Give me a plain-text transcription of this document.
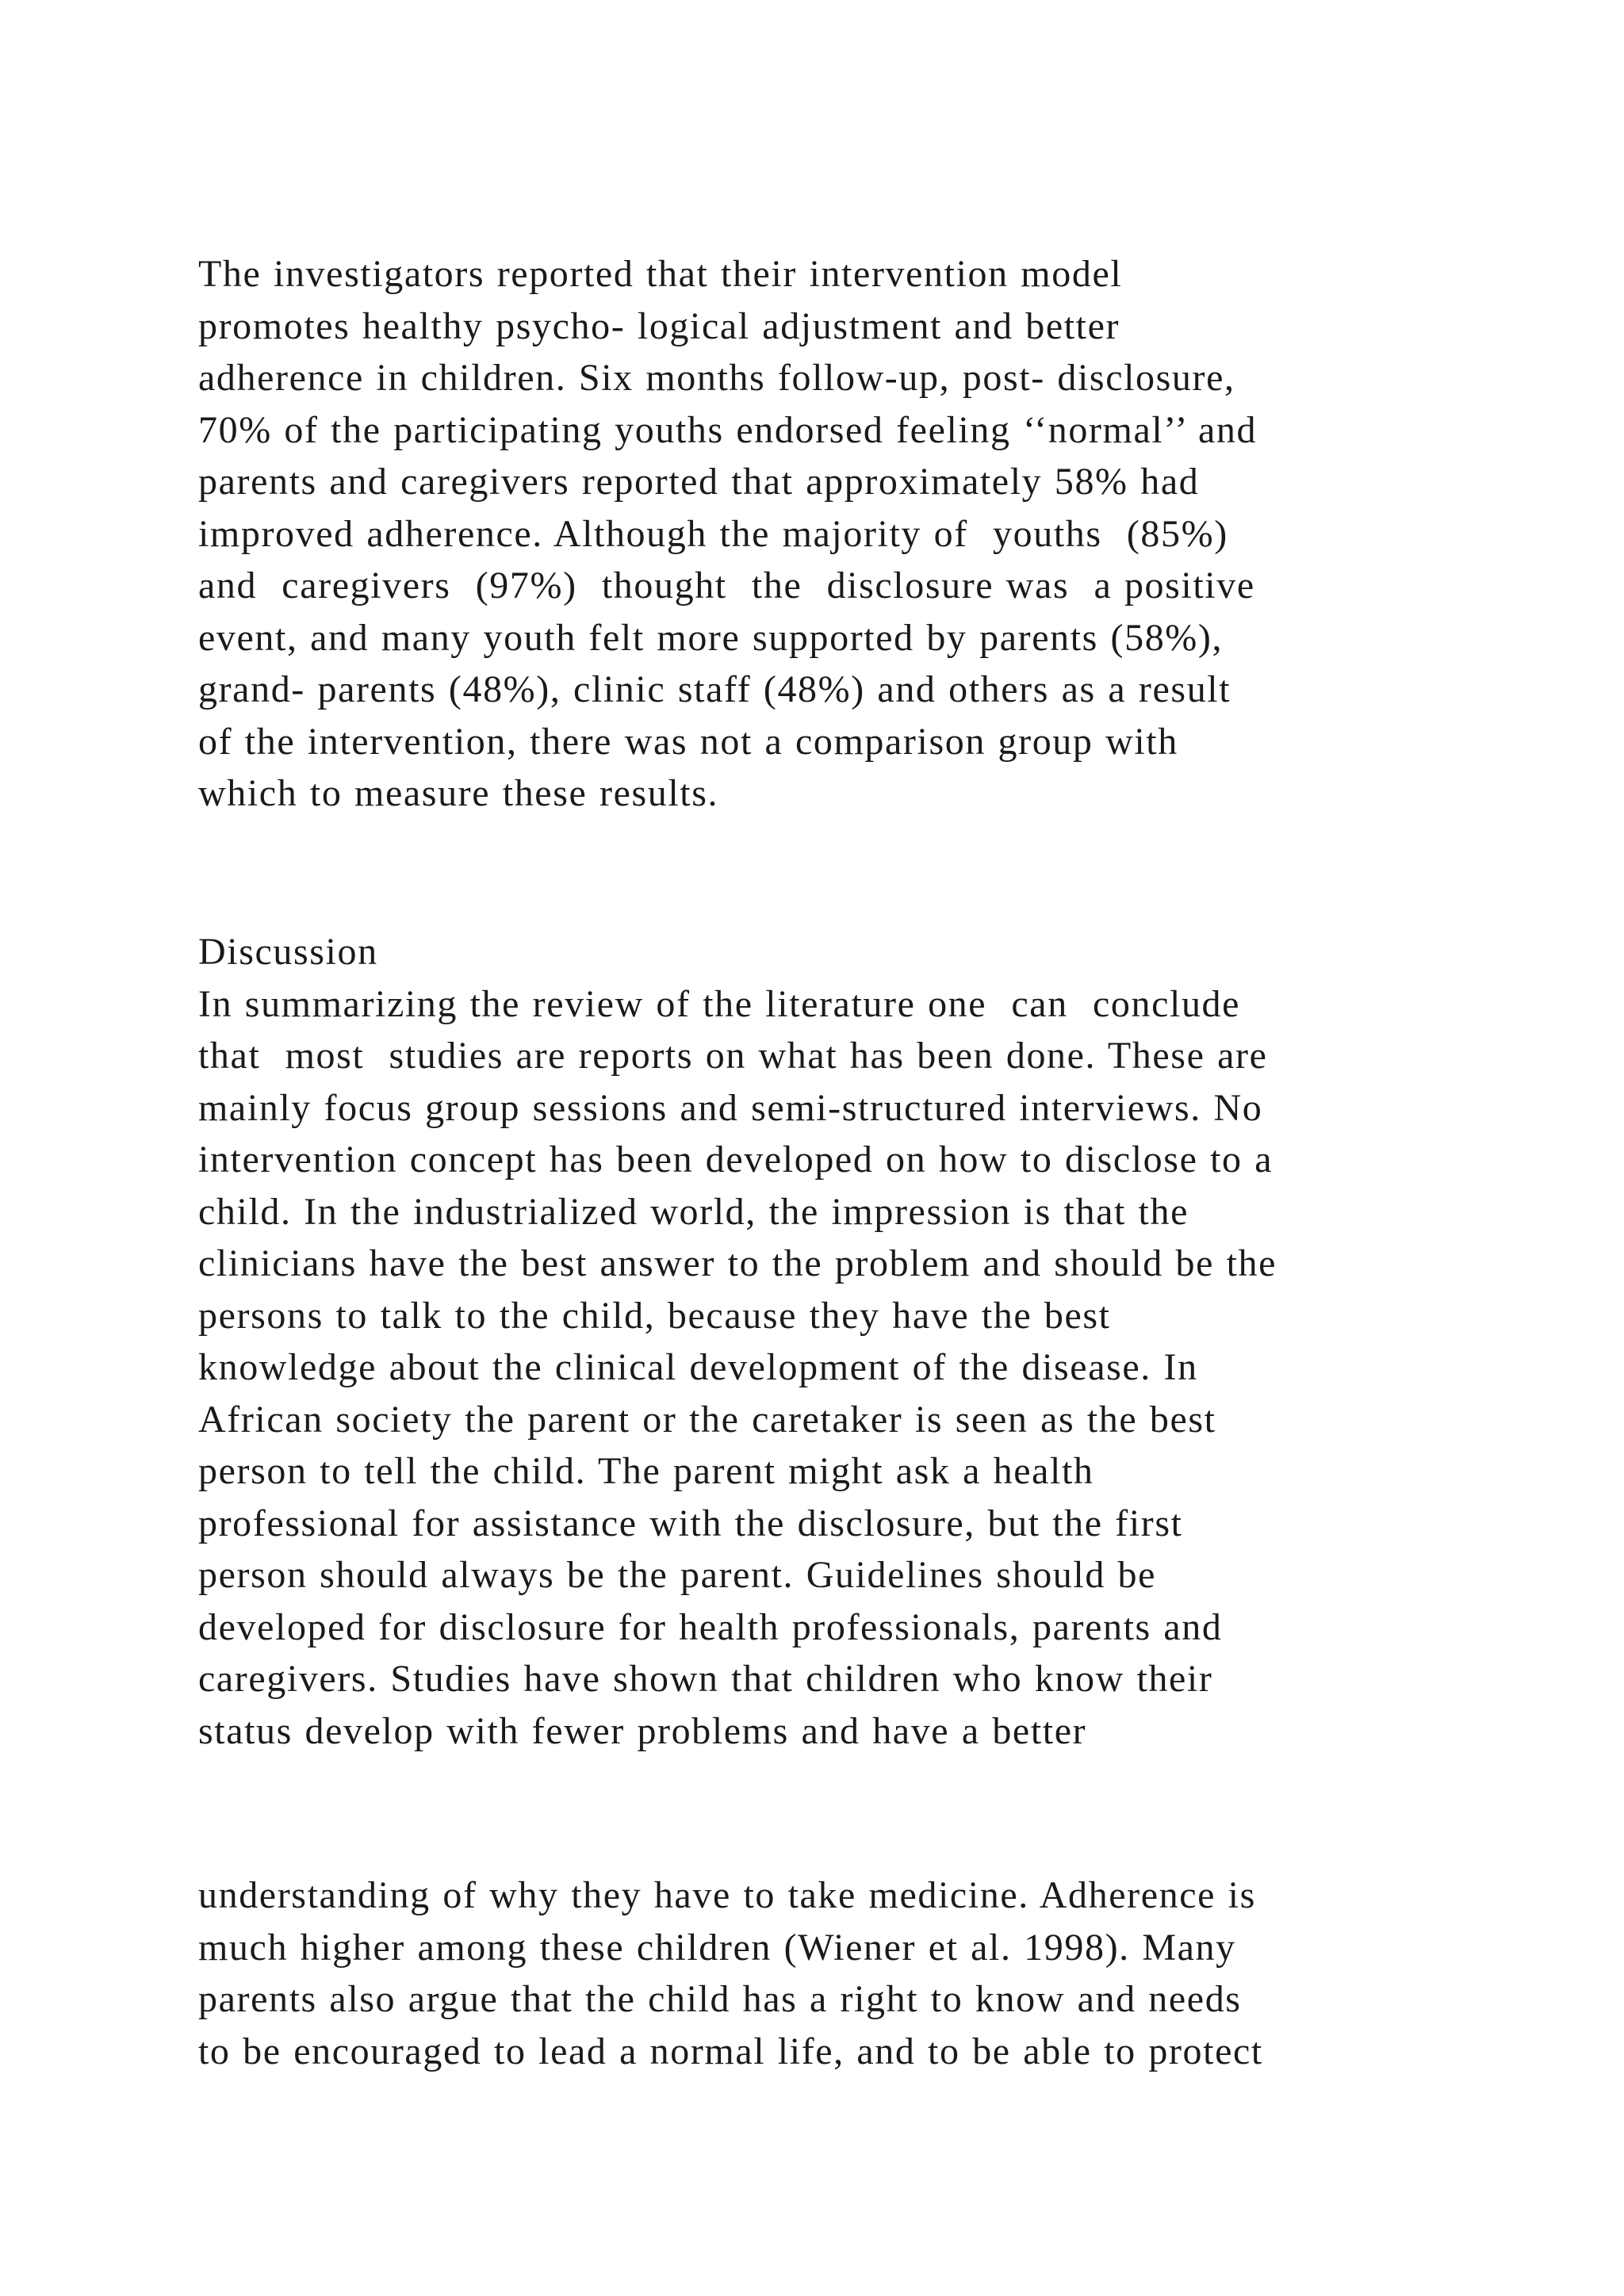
The investigators reported that their intervention model
promotes healthy psycho- logical adjustment and better
adherence in children. Six months follow-up, post- disclosure,
70% of the participating youths endorsed feeling ‘‘normal’’ and
parents and caregivers reported that approximately 58% had
improved adherence. Although the majority of  youths  (85%)
and  caregivers  (97%)  thought  the  disclosure was  a positive
event, and many youth felt more supported by parents (58%),
grand- parents (48%), clinic staff (48%) and others as a result
of the intervention, there was not a comparison group with
which to measure these results.
Discussion
In summarizing the review of the literature one  can  conclude
that  most  studies are reports on what has been done. These are
mainly focus group sessions and semi-structured interviews. No
intervention concept has been developed on how to disclose to a
child. In the industrialized world, the impression is that the
clinicians have the best answer to the problem and should be the
persons to talk to the child, because they have the best
knowledge about the clinical development of the disease. In
African society the parent or the caretaker is seen as the best
person to tell the child. The parent might ask a health
professional for assistance with the disclosure, but the first
person should always be the parent. Guidelines should be
developed for disclosure for health professionals, parents and
caregivers. Studies have shown that children who know their
status develop with fewer problems and have a better
understanding of why they have to take medicine. Adherence is
much higher among these children (Wiener et al. 1998). Many
parents also argue that the child has a right to know and needs
to be encouraged to lead a normal life, and to be able to protect
